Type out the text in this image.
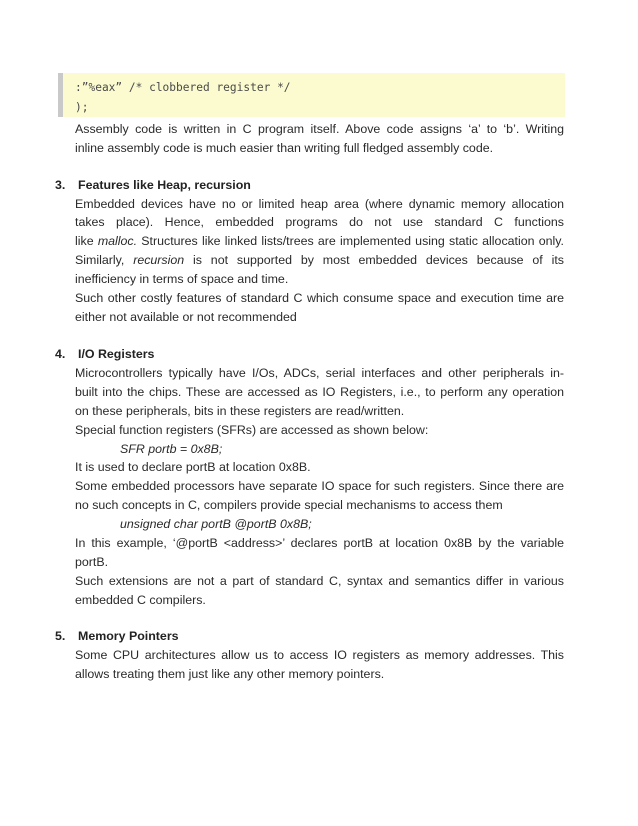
:”%eax” /* clobbered register */
);
Assembly code is written in C program itself. Above code assigns ‘a’ to ‘b’. Writing
inline assembly code is much easier than writing full fledged assembly code.
3.	Features like Heap, recursion
Embedded devices have no or limited heap area (where dynamic memory allocation
takes place). Hence, embedded programs do not use standard C functions
like malloc. Structures like linked lists/trees are implemented using static allocation only.
Similarly, recursion is not supported by most embedded devices because of its
inefficiency in terms of space and time.
Such other costly features of standard C which consume space and execution time are
either not available or not recommended
4.	I/O Registers
Microcontrollers typically have I/Os, ADCs, serial interfaces and other peripherals in-
built into the chips. These are accessed as IO Registers, i.e., to perform any operation
on these peripherals, bits in these registers are read/written.
Special function registers (SFRs) are accessed as shown below:
SFR portb = 0x8B;
It is used to declare portB at location 0x8B.
Some embedded processors have separate IO space for such registers. Since there are
no such concepts in C, compilers provide special mechanisms to access them
unsigned char portB @portB 0x8B;
In this example, ‘@portB <address>’ declares portB at location 0x8B by the variable
portB.
Such extensions are not a part of standard C, syntax and semantics differ in various
embedded C compilers.
5.	Memory Pointers
Some CPU architectures allow us to access IO registers as memory addresses. This
allows treating them just like any other memory pointers.
